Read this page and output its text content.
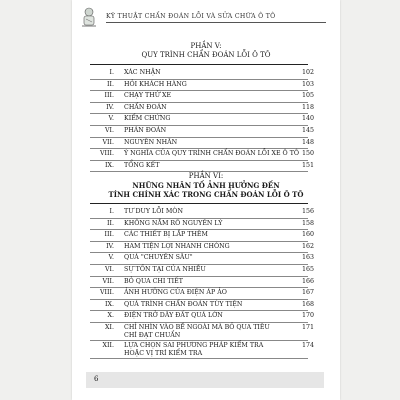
KỸ THUẬT CHẨN ĐOÁN LỖI VÀ SỬA CHỮA Ô TÔ
PHẦN V:
QUY TRÌNH CHẨN ĐOÁN LỖI Ô TÔ
I. XÁC NHẬN	102
II. HỎI KHÁCH HÀNG	103
III. CHẠY THỬ XE	105
IV. CHẨN ĐOÁN	118
V. KIỂM CHỨNG	140
VI. PHÁN ĐOÁN	145
VII. NGUYÊN NHÂN	148
VIII. Ý NGHĨA CỦA QUY TRÌNH CHẨN ĐOÁN LỖI XE Ô TÔ 150
IX. TỔNG KẾT	151
PHẦN VI:
NHỮNG NHÂN TỐ ẢNH HƯỞNG ĐẾN
TÍNH CHÍNH XÁC TRONG CHẨN ĐOÁN LỖI Ô TÔ
I. TƯ DUY LỖI MÒN	156
II. KHÔNG NẮM RÕ NGUYÊN LÝ	158
III. CÁC THIẾT BỊ LẮP THÊM	160
IV. HAM TIỆN LỢI NHANH CHÓNG	162
V. QUÁ "CHUYÊN SÂU"	163
VI. SỰ TỒN TẠI CỦA NHIỀU	165
VII. BỎ QUA CHI TIẾT	166
VIII. ẢNH HƯỞNG CỦA ĐIỆN ÁP ẢO	167
IX. QUÁ TRÌNH CHẨN ĐOÁN TÙY TIỆN	168
X. ĐIỆN TRỞ DÂY ĐẤT QUÁ LỚN	170
XI. CHỈ NHÌN VÀO BỀ NGOÀI MÀ BỎ QUA TIÊU CHÍ ĐẠT CHUẨN
171
XII. LỰA CHỌN SAI PHƯƠNG PHÁP KIỂM TRA HOẶC VỊ TRÍ KIỂM TRA
174
6
